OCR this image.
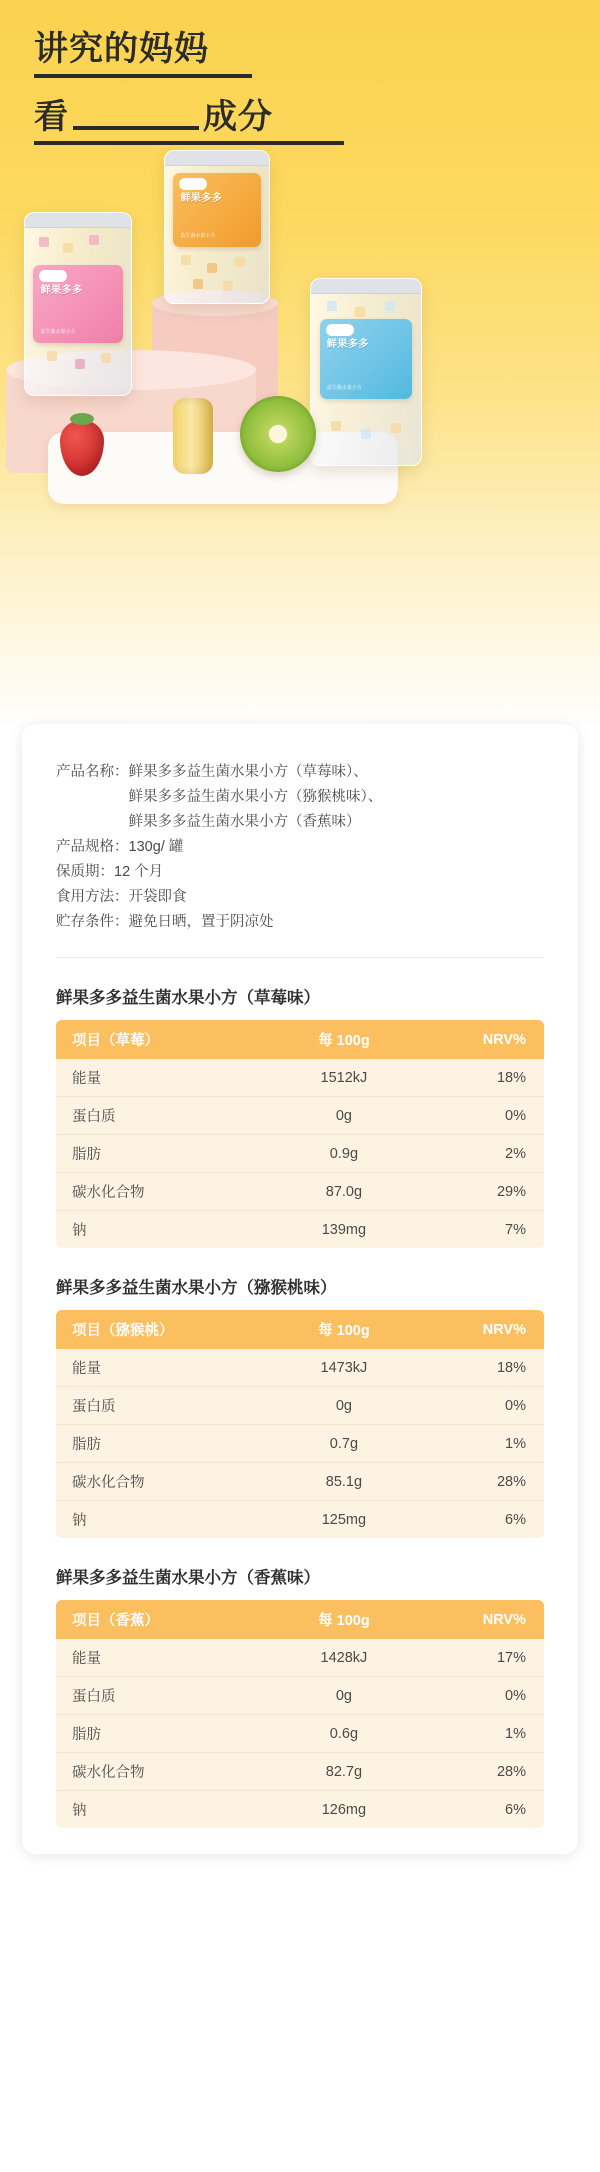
讲究的妈妈
看	成分
鲜果多多
益生菌水果小方
鲜果多多
益生菌水果小方
鲜果多多
益生菌水果小方
产品名称： 鲜果多多益生菌水果小方（草莓味）、
鲜果多多益生菌水果小方（猕猴桃味）、
鲜果多多益生菌水果小方（香蕉味）
产品规格： 130g/ 罐
保质期： 12 个月
食用方法： 开袋即食
贮存条件： 避免日晒，置于阴凉处
鲜果多多益生菌水果小方（草莓味）
项目（草莓）	每 100g	NRV%
能量	1512kJ	18%
蛋白质	0g	0%
脂肪	0.9g	2%
碳水化合物	87.0g	29%
钠	139mg	7%
鲜果多多益生菌水果小方（猕猴桃味）
项目（猕猴桃）	每 100g	NRV%
能量	1473kJ	18%
蛋白质	0g	0%
脂肪	0.7g	1%
碳水化合物	85.1g	28%
钠	125mg	6%
鲜果多多益生菌水果小方（香蕉味）
项目（香蕉）	每 100g	NRV%
能量	1428kJ	17%
蛋白质	0g	0%
脂肪	0.6g	1%
碳水化合物	82.7g	28%
钠	126mg	6%
